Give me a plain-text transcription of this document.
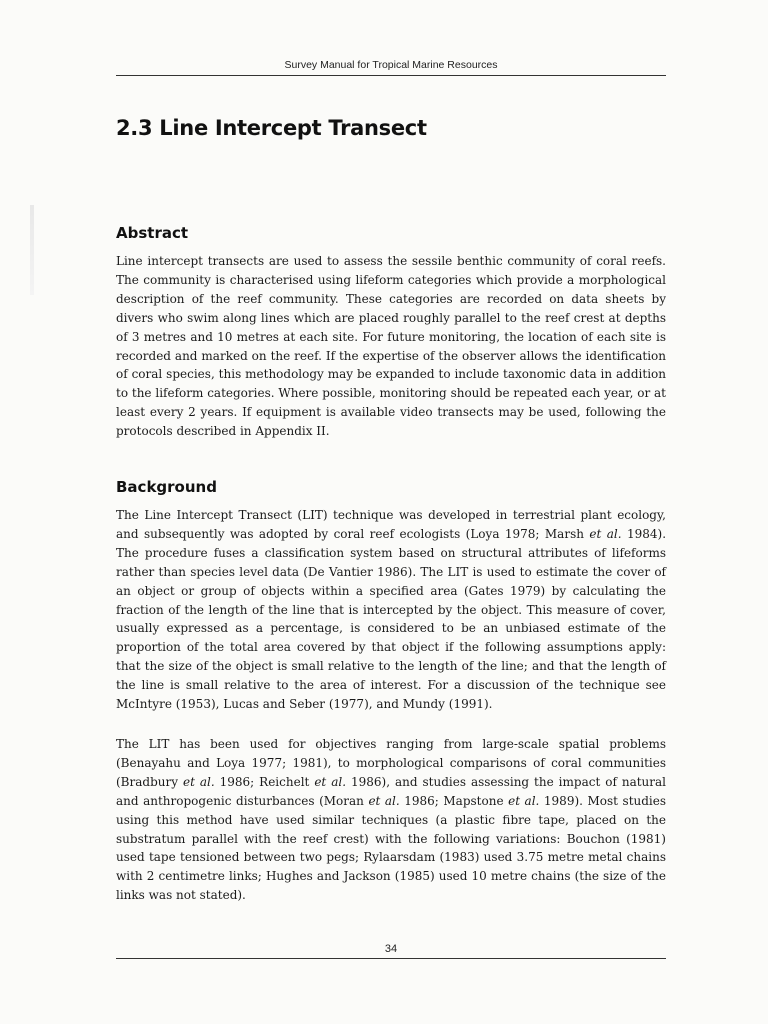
Survey Manual for Tropical Marine Resources
2.3 Line Intercept Transect
Abstract

Line intercept transects are used to assess the sessile benthic community of coral reefs. The community is characterised using lifeform categories which provide a morphological description of the reef community. These categories are recorded on data sheets by divers who swim along lines which are placed roughly parallel to the reef crest at depths of 3 metres and 10 metres at each site. For future monitoring, the location of each site is recorded and marked on the reef. If the expertise of the observer allows the identification of coral species, this methodology may be expanded to include taxonomic data in addition to the lifeform categories. Where possible, monitoring should be repeated each year, or at least every 2 years. If equipment is available video transects may be used, following the protocols described in Appendix II.

Background

The Line Intercept Transect (LIT) technique was developed in terrestrial plant ecology, and subsequently was adopted by coral reef ecologists (Loya 1978; Marsh et al. 1984). The procedure fuses a classification system based on structural attributes of lifeforms rather than species level data (De Vantier 1986). The LIT is used to estimate the cover of an object or group of objects within a specified area (Gates 1979) by calculating the fraction of the length of the line that is intercepted by the object. This measure of cover, usually expressed as a percentage, is considered to be an unbiased estimate of the proportion of the total area covered by that object if the following assumptions apply: that the size of the object is small relative to the length of the line; and that the length of the line is small relative to the area of interest. For a discussion of the technique see McIntyre (1953), Lucas and Seber (1977), and Mundy (1991).

The LIT has been used for objectives ranging from large-scale spatial problems (Benayahu and Loya 1977; 1981), to morphological comparisons of coral communities (Bradbury et al. 1986; Reichelt et al. 1986), and studies assessing the impact of natural and anthropogenic disturbances (Moran et al. 1986; Mapstone et al. 1989). Most studies using this method have used similar techniques (a plastic fibre tape, placed on the substratum parallel with the reef crest) with the following variations: Bouchon (1981) used tape tensioned between two pegs; Rylaarsdam (1983) used 3.75 metre metal chains with 2 centimetre links; Hughes and Jackson (1985) used 10 metre chains (the size of the links was not stated).

34
